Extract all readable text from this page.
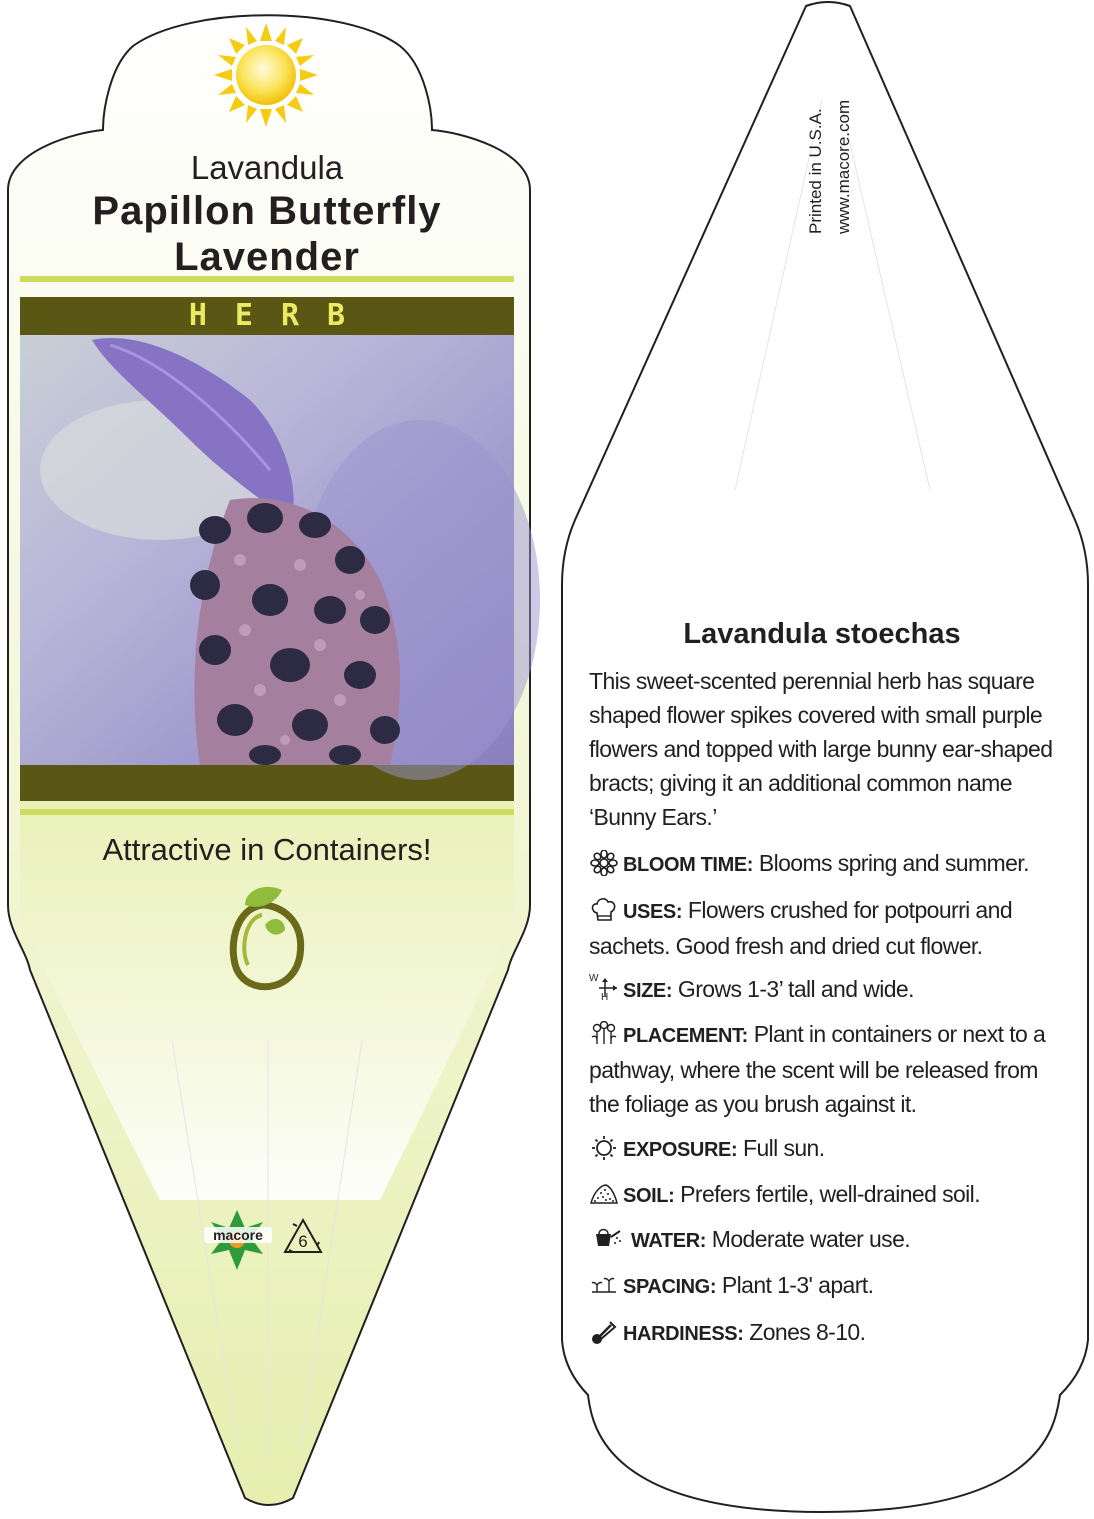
Lavandula
Papillon Butterfly
Lavender
HERB
Attractive in Containers!
macore	6
Printed in U.S.A. www.macore.com
Lavandula stoechas
This sweet-scented perennial herb has square shaped flower spikes covered with small purple flowers and topped with large bunny ear-shaped bracts; giving it an additional common name ‘Bunny Ears.’
BLOOM TIME: Blooms spring and summer.
USES: Flowers crushed for potpourri and sachets. Good fresh and dried cut flower.
W
H SIZE: Grows 1-3’ tall and wide.
PLACEMENT: Plant in containers or next to a pathway, where the scent will be released from the foliage as you brush against it.
EXPOSURE: Full sun.
SOIL: Prefers fertile, well-drained soil.
WATER: Moderate water use.
SPACING: Plant 1-3' apart.
HARDINESS: Zones 8-10.
